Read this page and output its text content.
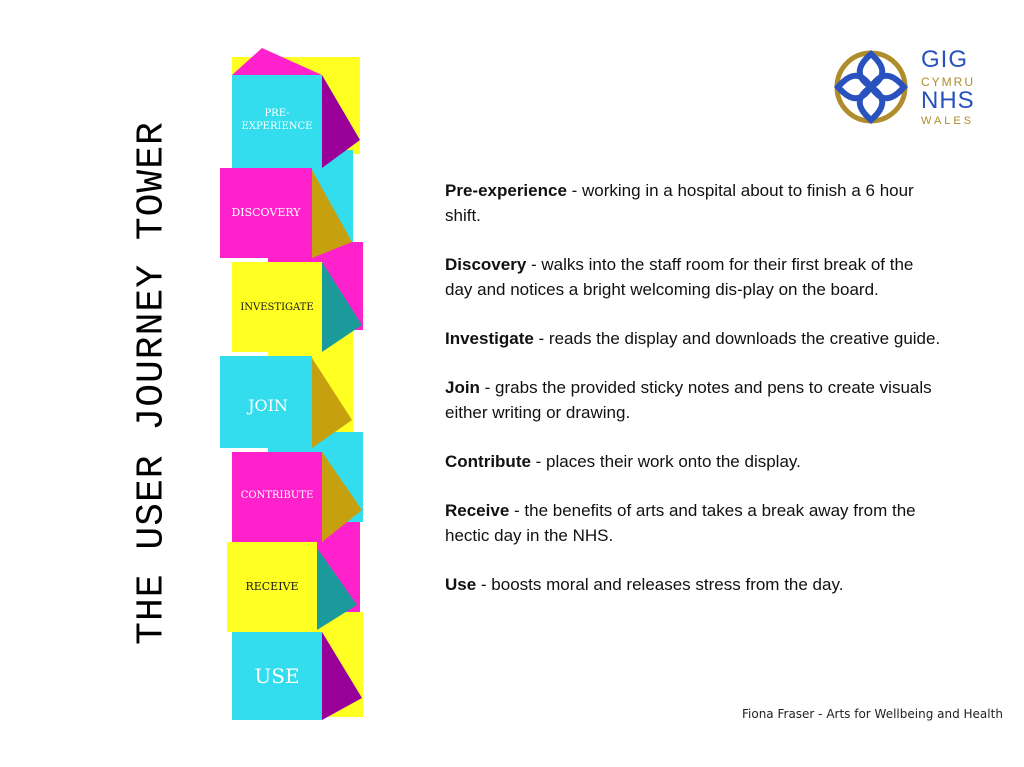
THE USER JOURNEY TOWER
PRE-
EXPERIENCE
DISCOVERY
INVESTIGATE
JOIN
CONTRIBUTE
RECEIVE
USE
GIG
CYMRU
NHS
WALES

Pre-experience - working in a hospital about to finish a 6 hour shift.

Discovery - walks into the staff room for their first break of the day and notices a bright welcoming dis-play on the board.

Investigate - reads the display and downloads the creative guide.

Join - grabs the provided sticky notes and pens to create visuals either writing or drawing.

Contribute - places their work onto the display.

Receive - the benefits of arts and takes a break away from the hectic day in the NHS.

Use - boosts moral and releases stress from the day.

Fiona Fraser - Arts for Wellbeing and Health
